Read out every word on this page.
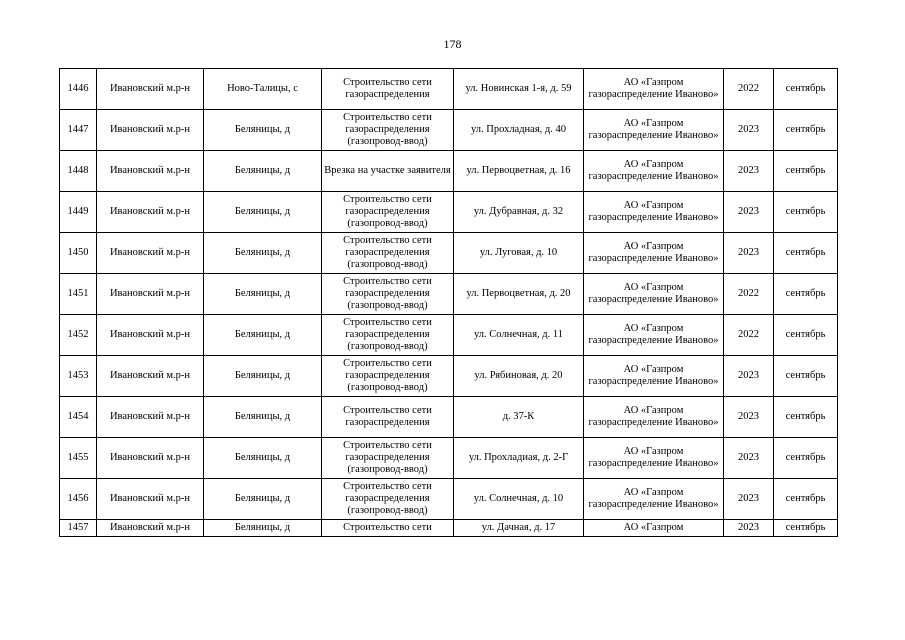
178
1446	Ивановский м.р-н	Ново-Талицы, с	Строительство сети газораспределения	ул. Новинская 1-я, д. 59	АО «Газпром газораспределение Иваново»	2022	сентябрь
1447	Ивановский м.р-н	Беляницы, д	Строительство сети газораспределения (газопровод-ввод)	ул. Прохладная, д. 40	АО «Газпром газораспределение Иваново»	2023	сентябрь
1448	Ивановский м.р-н	Беляницы, д	Врезка на участке заявителя	ул. Первоцветная, д. 16	АО «Газпром газораспределение Иваново»	2023	сентябрь
1449	Ивановский м.р-н	Беляницы, д	Строительство сети газораспределения (газопровод-ввод)	ул. Дубравная, д. 32	АО «Газпром газораспределение Иваново»	2023	сентябрь
1450	Ивановский м.р-н	Беляницы, д	Строительство сети газораспределения (газопровод-ввод)	ул. Луговая, д. 10	АО «Газпром газораспределение Иваново»	2023	сентябрь
1451	Ивановский м.р-н	Беляницы, д	Строительство сети газораспределения (газопровод-ввод)	ул. Первоцветная, д. 20	АО «Газпром газораспределение Иваново»	2022	сентябрь
1452	Ивановский м.р-н	Беляницы, д	Строительство сети газораспределения (газопровод-ввод)	ул. Солнечная, д. 11	АО «Газпром газораспределение Иваново»	2022	сентябрь
1453	Ивановский м.р-н	Беляницы, д	Строительство сети газораспределения (газопровод-ввод)	ул. Рябиновая, д. 20	АО «Газпром газораспределение Иваново»	2023	сентябрь
1454	Ивановский м.р-н	Беляницы, д	Строительство сети газораспределения	д. 37-К	АО «Газпром газораспределение Иваново»	2023	сентябрь
1455	Ивановский м.р-н	Беляницы, д	Строительство сети газораспределения (газопровод-ввод)	ул. Прохладиая, д. 2-Г	АО «Газпром газораспределение Иваново»	2023	сентябрь
1456	Ивановский м.р-н	Беляницы, д	Строительство сети газораспределения (газопровод-ввод)	ул. Солнечная, д. 10	АО «Газпром газораспределение Иваново»	2023	сентябрь
1457	Ивановский м.р-н	Беляницы, д	Строительство сети	ул. Дачная, д. 17	АО «Газпром	2023	сентябрь
